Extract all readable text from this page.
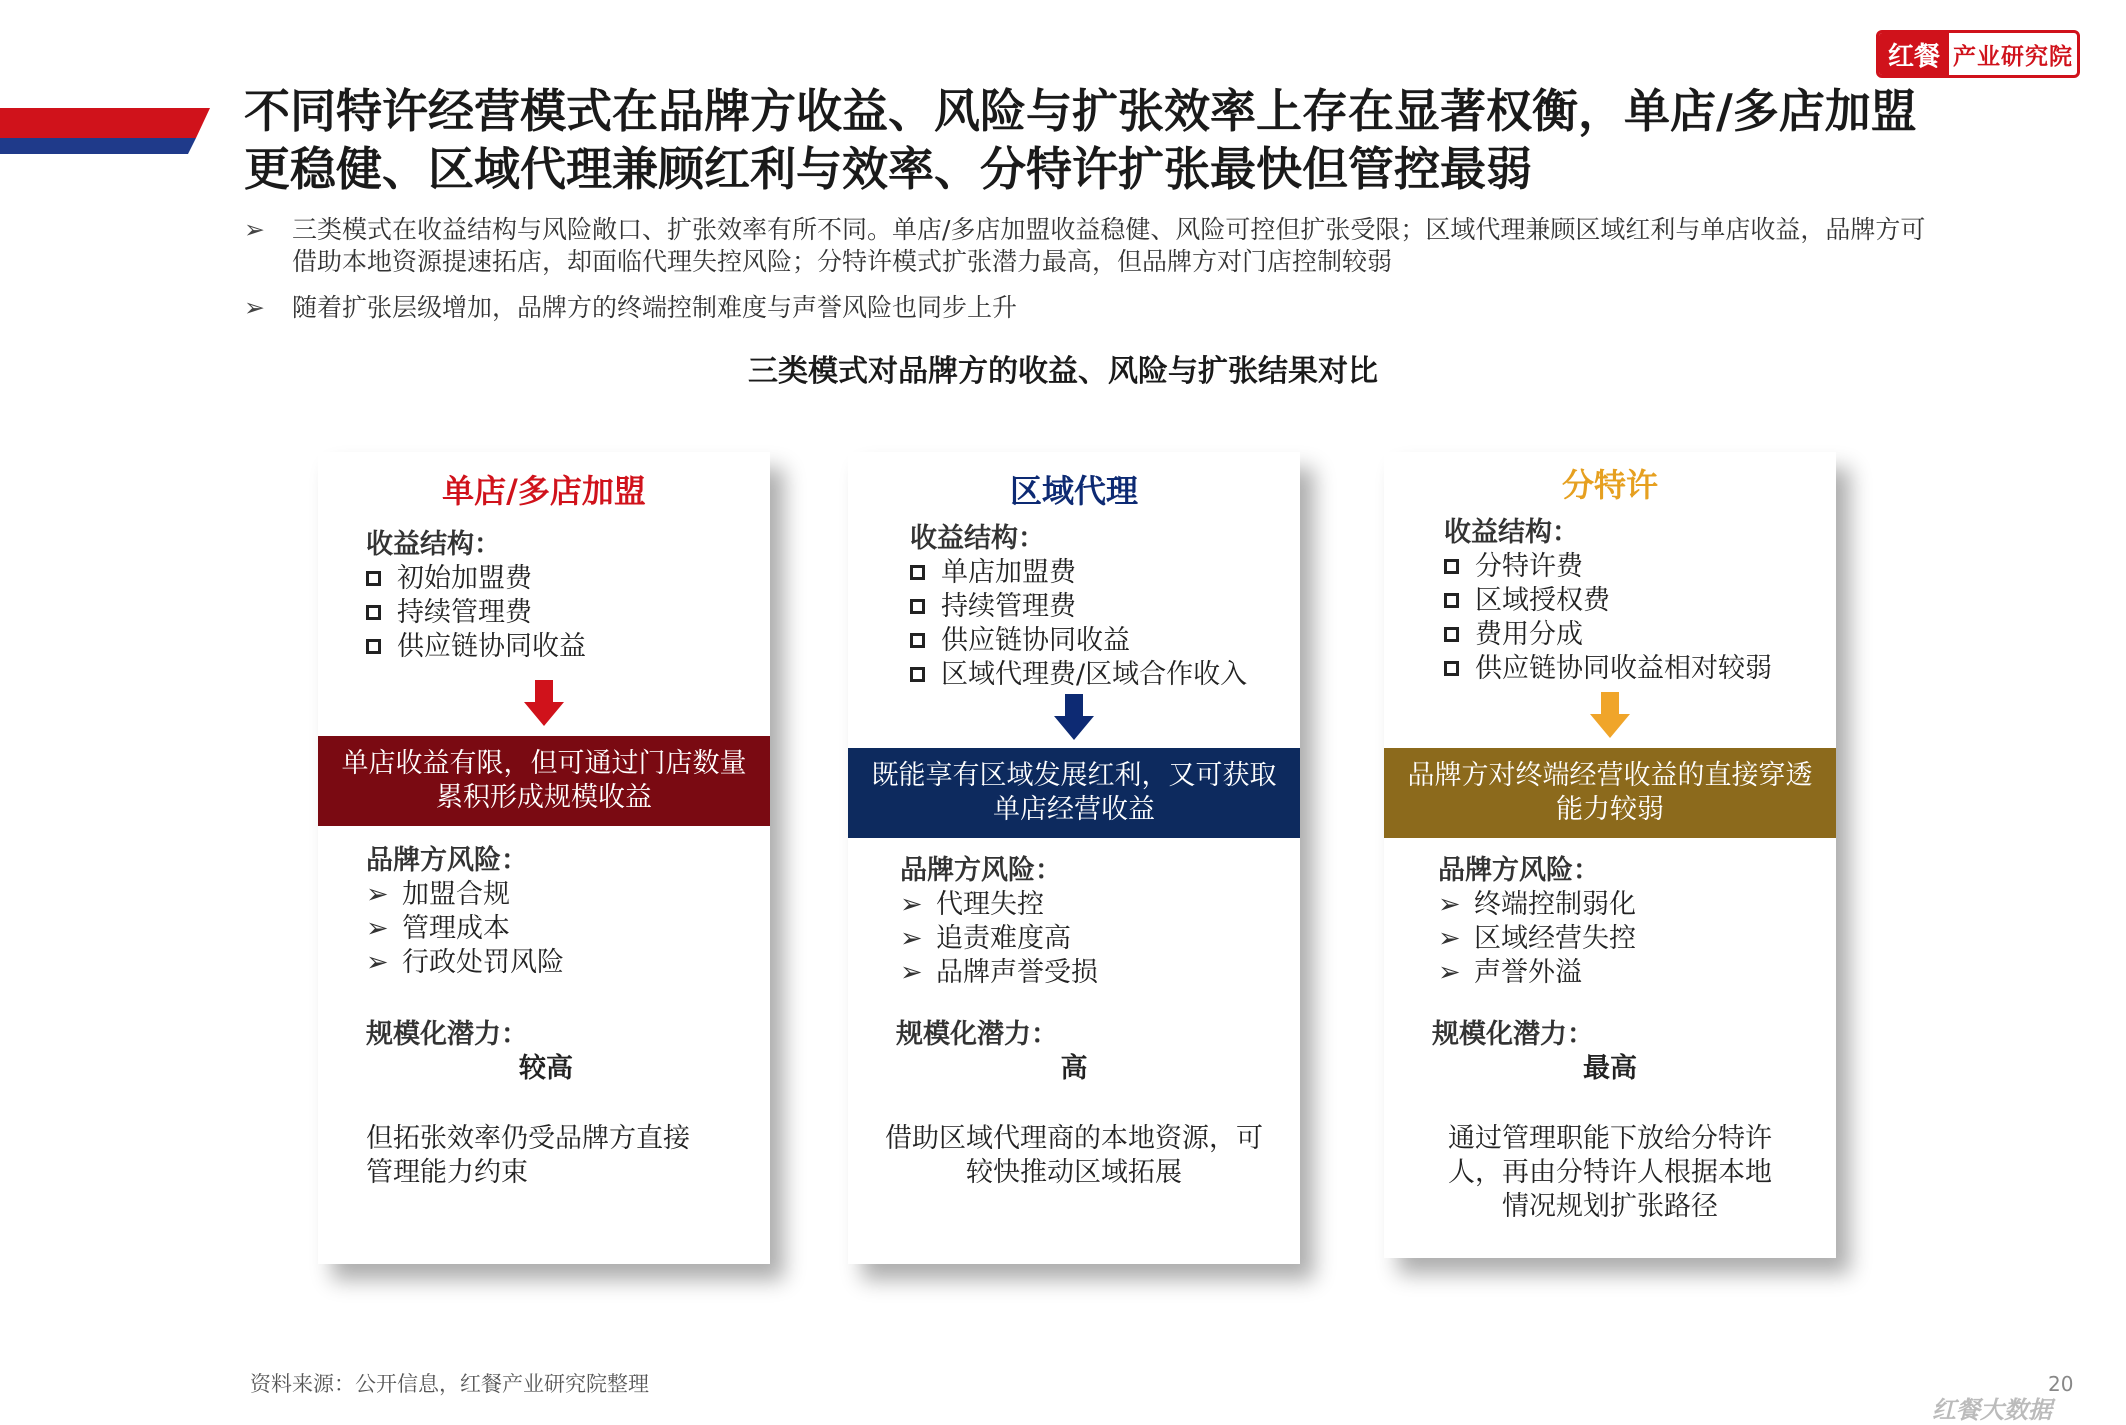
红餐 产业研究院
不同特许经营模式在品牌方收益、风险与扩张效率上存在显著权衡，单店/多店加盟更稳健、区域代理兼顾红利与效率、分特许扩张最快但管控最弱
➢ 三类模式在收益结构与风险敞口、扩张效率有所不同。单店/多店加盟收益稳健、风险可控但扩张受限；区域代理兼顾区域红利与单店收益，品牌方可借助本地资源提速拓店，却面临代理失控风险；分特许模式扩张潜力最高，但品牌方对门店控制较弱
➢ 随着扩张层级增加，品牌方的终端控制难度与声誉风险也同步上升
三类模式对品牌方的收益、风险与扩张结果对比
单店/多店加盟
收益结构：
初始加盟费
持续管理费
供应链协同收益
单店收益有限，但可通过门店数量累积形成规模收益
品牌方风险：
➢ 加盟合规
➢ 管理成本
➢ 行政处罚风险
规模化潜力：
较高
但拓张效率仍受品牌方直接管理能力约束
区域代理
收益结构：
单店加盟费
持续管理费
供应链协同收益
区域代理费/区域合作收入
既能享有区域发展红利，又可获取单店经营收益
品牌方风险：
➢ 代理失控
➢ 追责难度高
➢ 品牌声誉受损
规模化潜力：
高
借助区域代理商的本地资源，可较快推动区域拓展
分特许
收益结构：
分特许费
区域授权费
费用分成
供应链协同收益相对较弱
品牌方对终端经营收益的直接穿透能力较弱
品牌方风险：
➢ 终端控制弱化
➢ 区域经营失控
➢ 声誉外溢
规模化潜力：
最高
通过管理职能下放给分特许人，再由分特许人根据本地情况规划扩张路径
资料来源：公开信息，红餐产业研究院整理	20
红餐大数据
